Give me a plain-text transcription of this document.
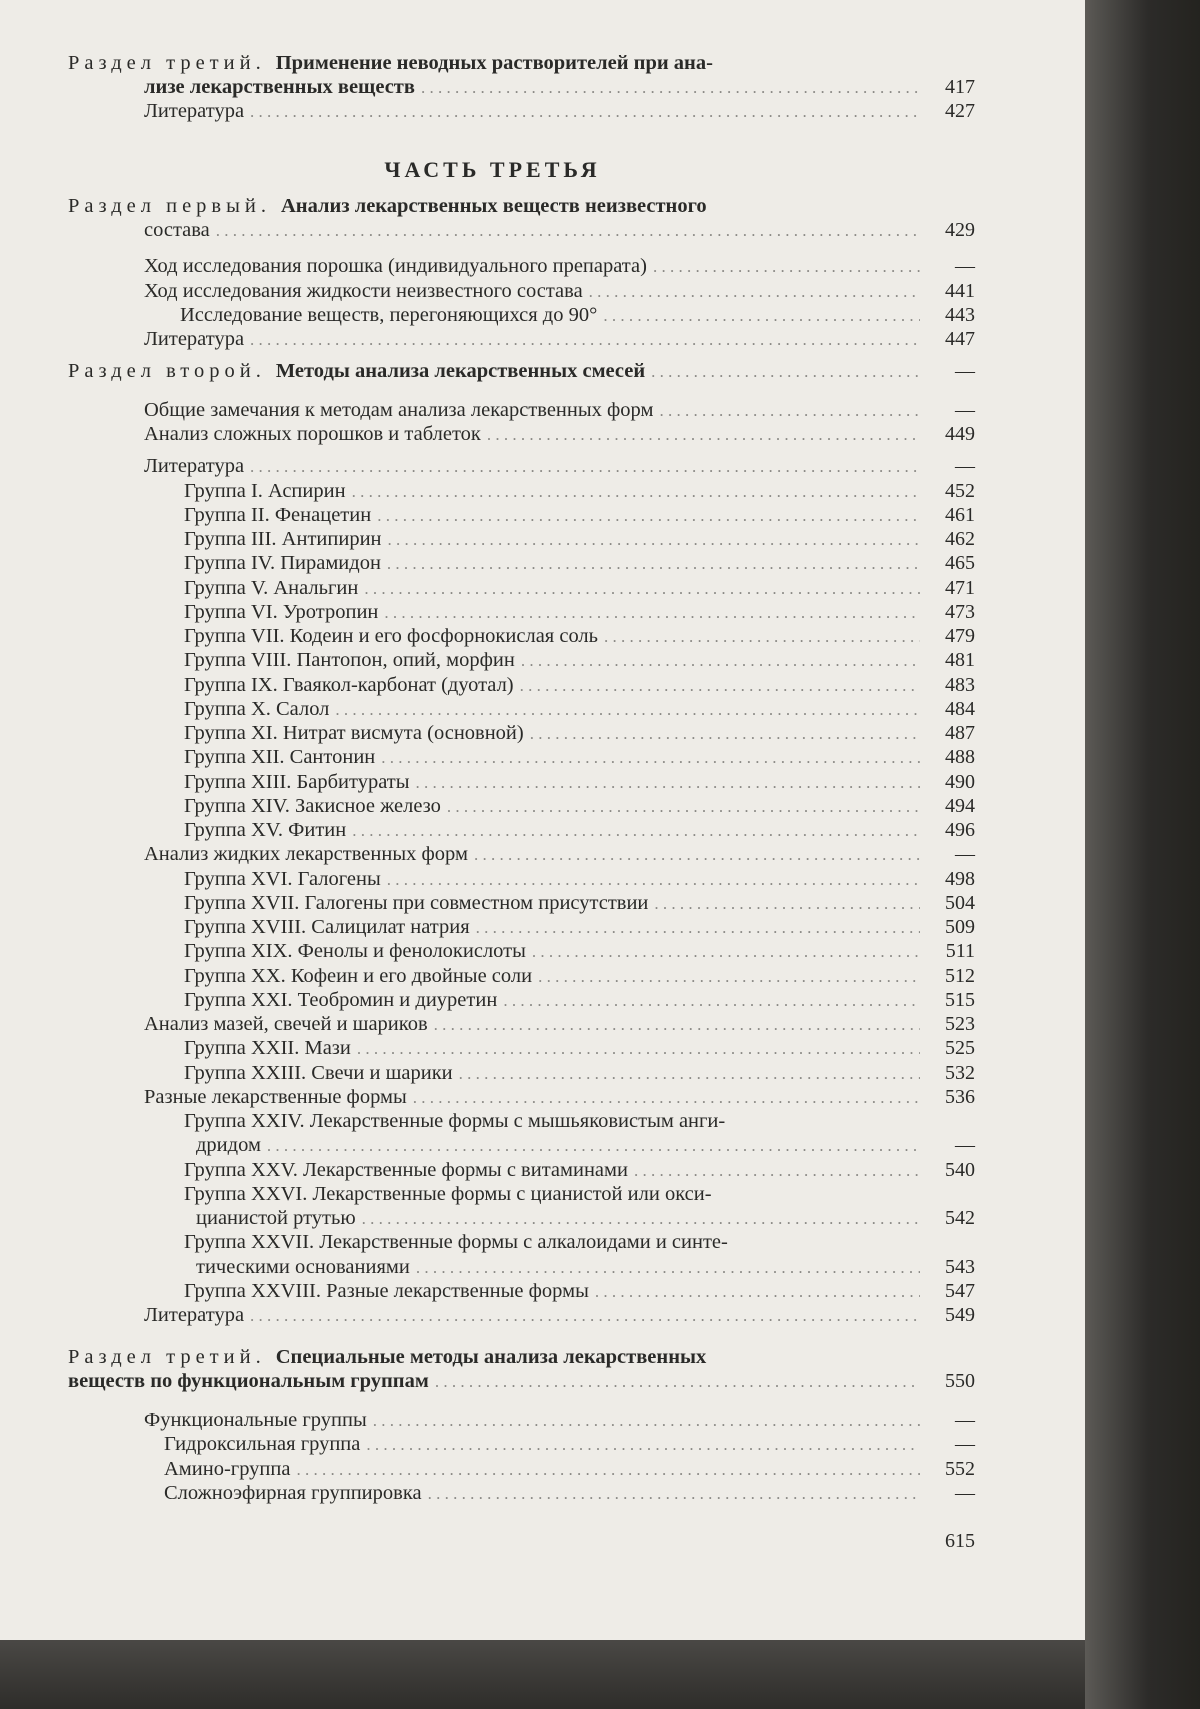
ЧАСТЬ ТРЕТЬЯ
Раздел третий. Применение неводных растворителей при ана-
лизе лекарственных веществ . . .	417
Литература . . .	427
Раздел первый. Анализ лекарственных веществ неизвестного
состава . . .	429
Ход исследования порошка (индивидуального препарата) . . .	—
Ход исследования жидкости неизвестного состава . . .	441
Исследование веществ, перегоняющихся до 90° . . .	443
Литература . . .	447
Раздел второй. Методы анализа лекарственных смесей . . .	—
Общие замечания к методам анализа лекарственных форм . . .	—
Анализ сложных порошков и таблеток . . .	449
Литература . . .	—
Группа I. Аспирин . . .	452
Группа II. Фенацетин . . .	461
Группа III. Антипирин . . .	462
Группа IV. Пирамидон . . .	465
Группа V. Анальгин . . .	471
Группа VI. Уротропин . . .	473
Группа VII. Кодеин и его фосфорнокислая соль . . .	479
Группа VIII. Пантопон, опий, морфин . . .	481
Группа IX. Гваякол-карбонат (дуотал) . . .	483
Группа X. Салол . . .	484
Группа XI. Нитрат висмута (основной) . . .	487
Группа XII. Сантонин . . .	488
Группа XIII. Барбитураты . . .	490
Группа XIV. Закисное железо . . .	494
Группа XV. Фитин . . .	496
Анализ жидких лекарственных форм . . .	—
Группа XVI. Галогены . . .	498
Группа XVII. Галогены при совместном присутствии . . .	504
Группа XVIII. Салицилат натрия . . .	509
Группа XIX. Фенолы и фенолокислоты . . .	511
Группа XX. Кофеин и его двойные соли . . .	512
Группа XXI. Теобромин и диуретин . . .	515
Анализ мазей, свечей и шариков . . .	523
Группа XXII. Мази . . .	525
Группа XXIII. Свечи и шарики . . .	532
Разные лекарственные формы . . .	536
Группа XXIV. Лекарственные формы с мышьяковистым анги-
дридом . . .	—
Группа XXV. Лекарственные формы с витаминами . . .	540
Группа XXVI. Лекарственные формы с цианистой или окси-
цианистой ртутью . . .	542
Группа XXVII. Лекарственные формы с алкалоидами и синте-
тическими основаниями . . .	543
Группа XXVIII. Разные лекарственные формы . . .	547
Литература . . .	549
Раздел третий. Специальные методы анализа лекарственных
веществ по функциональным группам . . .	550
Функциональные группы . . .	—
Гидроксильная группа . . .	—
Амино-группа . . .	552
Сложноэфирная группировка . . .	—
615
